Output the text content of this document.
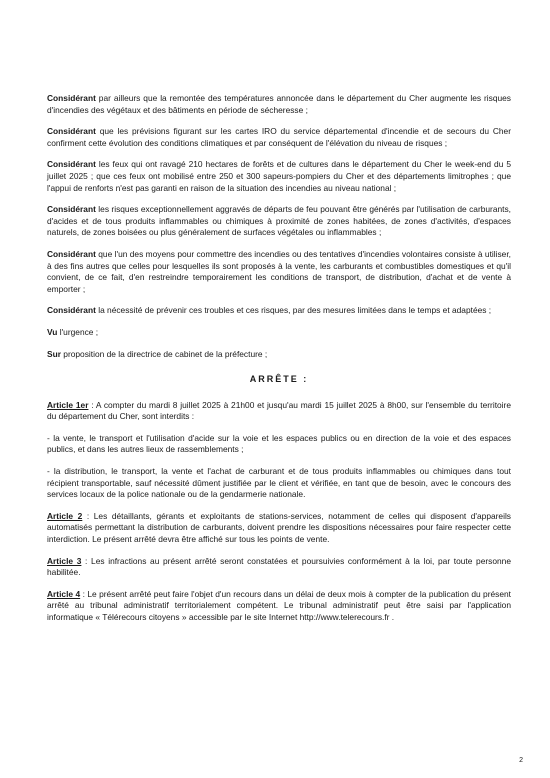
Considérant par ailleurs que la remontée des températures annoncée dans le département du Cher augmente les risques d'incendies des végétaux et des bâtiments en période de sécheresse ;

Considérant que les prévisions figurant sur les cartes IRO du service départemental d'incendie et de secours du Cher confirment cette évolution des conditions climatiques et par conséquent de l'élévation du niveau de risques ;

Considérant les feux qui ont ravagé 210 hectares de forêts et de cultures dans le département du Cher le week-end du 5 juillet 2025 ; que ces feux ont mobilisé entre 250 et 300 sapeurs-pompiers du Cher et des départements limitrophes ; que l'appui de renforts n'est pas garanti en raison de la situation des incendies au niveau national ;

Considérant les risques exceptionnellement aggravés de départs de feu pouvant être générés par l'utilisation de carburants, d'acides et de tous produits inflammables ou chimiques à proximité de zones habitées, de zones d'activités, d'espaces naturels, de zones boisées ou plus généralement de surfaces végétales ou inflammables ;

Considérant que l'un des moyens pour commettre des incendies ou des tentatives d'incendies volontaires consiste à utiliser, à des fins autres que celles pour lesquelles ils sont proposés à la vente, les carburants et combustibles domestiques et qu'il convient, de ce fait, d'en restreindre temporairement les conditions de transport, de distribution, d'achat et de vente à emporter ;

Considérant la nécessité de prévenir ces troubles et ces risques, par des mesures limitées dans le temps et adaptées ;

Vu l'urgence ;

Sur proposition de la directrice de cabinet de la préfecture ;

ARRÊTE :

Article 1er : A compter du mardi 8 juillet 2025 à 21h00 et jusqu'au mardi 15 juillet 2025 à 8h00, sur l'ensemble du territoire du département du Cher, sont interdits :

- la vente, le transport et l'utilisation d'acide sur la voie et les espaces publics ou en direction de la voie et des espaces publics, et dans les autres lieux de rassemblements ;

- la distribution, le transport, la vente et l'achat de carburant et de tous produits inflammables ou chimiques dans tout récipient transportable, sauf nécessité dûment justifiée par le client et vérifiée, en tant que de besoin, avec le concours des services locaux de la police nationale ou de la gendarmerie nationale.

Article 2 : Les détaillants, gérants et exploitants de stations-services, notamment de celles qui disposent d'appareils automatisés permettant la distribution de carburants, doivent prendre les dispositions nécessaires pour faire respecter cette interdiction. Le présent arrêté devra être affiché sur tous les points de vente.

Article 3 : Les infractions au présent arrêté seront constatées et poursuivies conformément à la loi, par toute personne habilitée.

Article 4 : Le présent arrêté peut faire l'objet d'un recours dans un délai de deux mois à compter de la publication du présent arrêté au tribunal administratif territorialement compétent. Le tribunal administratif peut être saisi par l'application informatique « Télérecours citoyens » accessible par le site Internet http://www.telerecours.fr .

2
